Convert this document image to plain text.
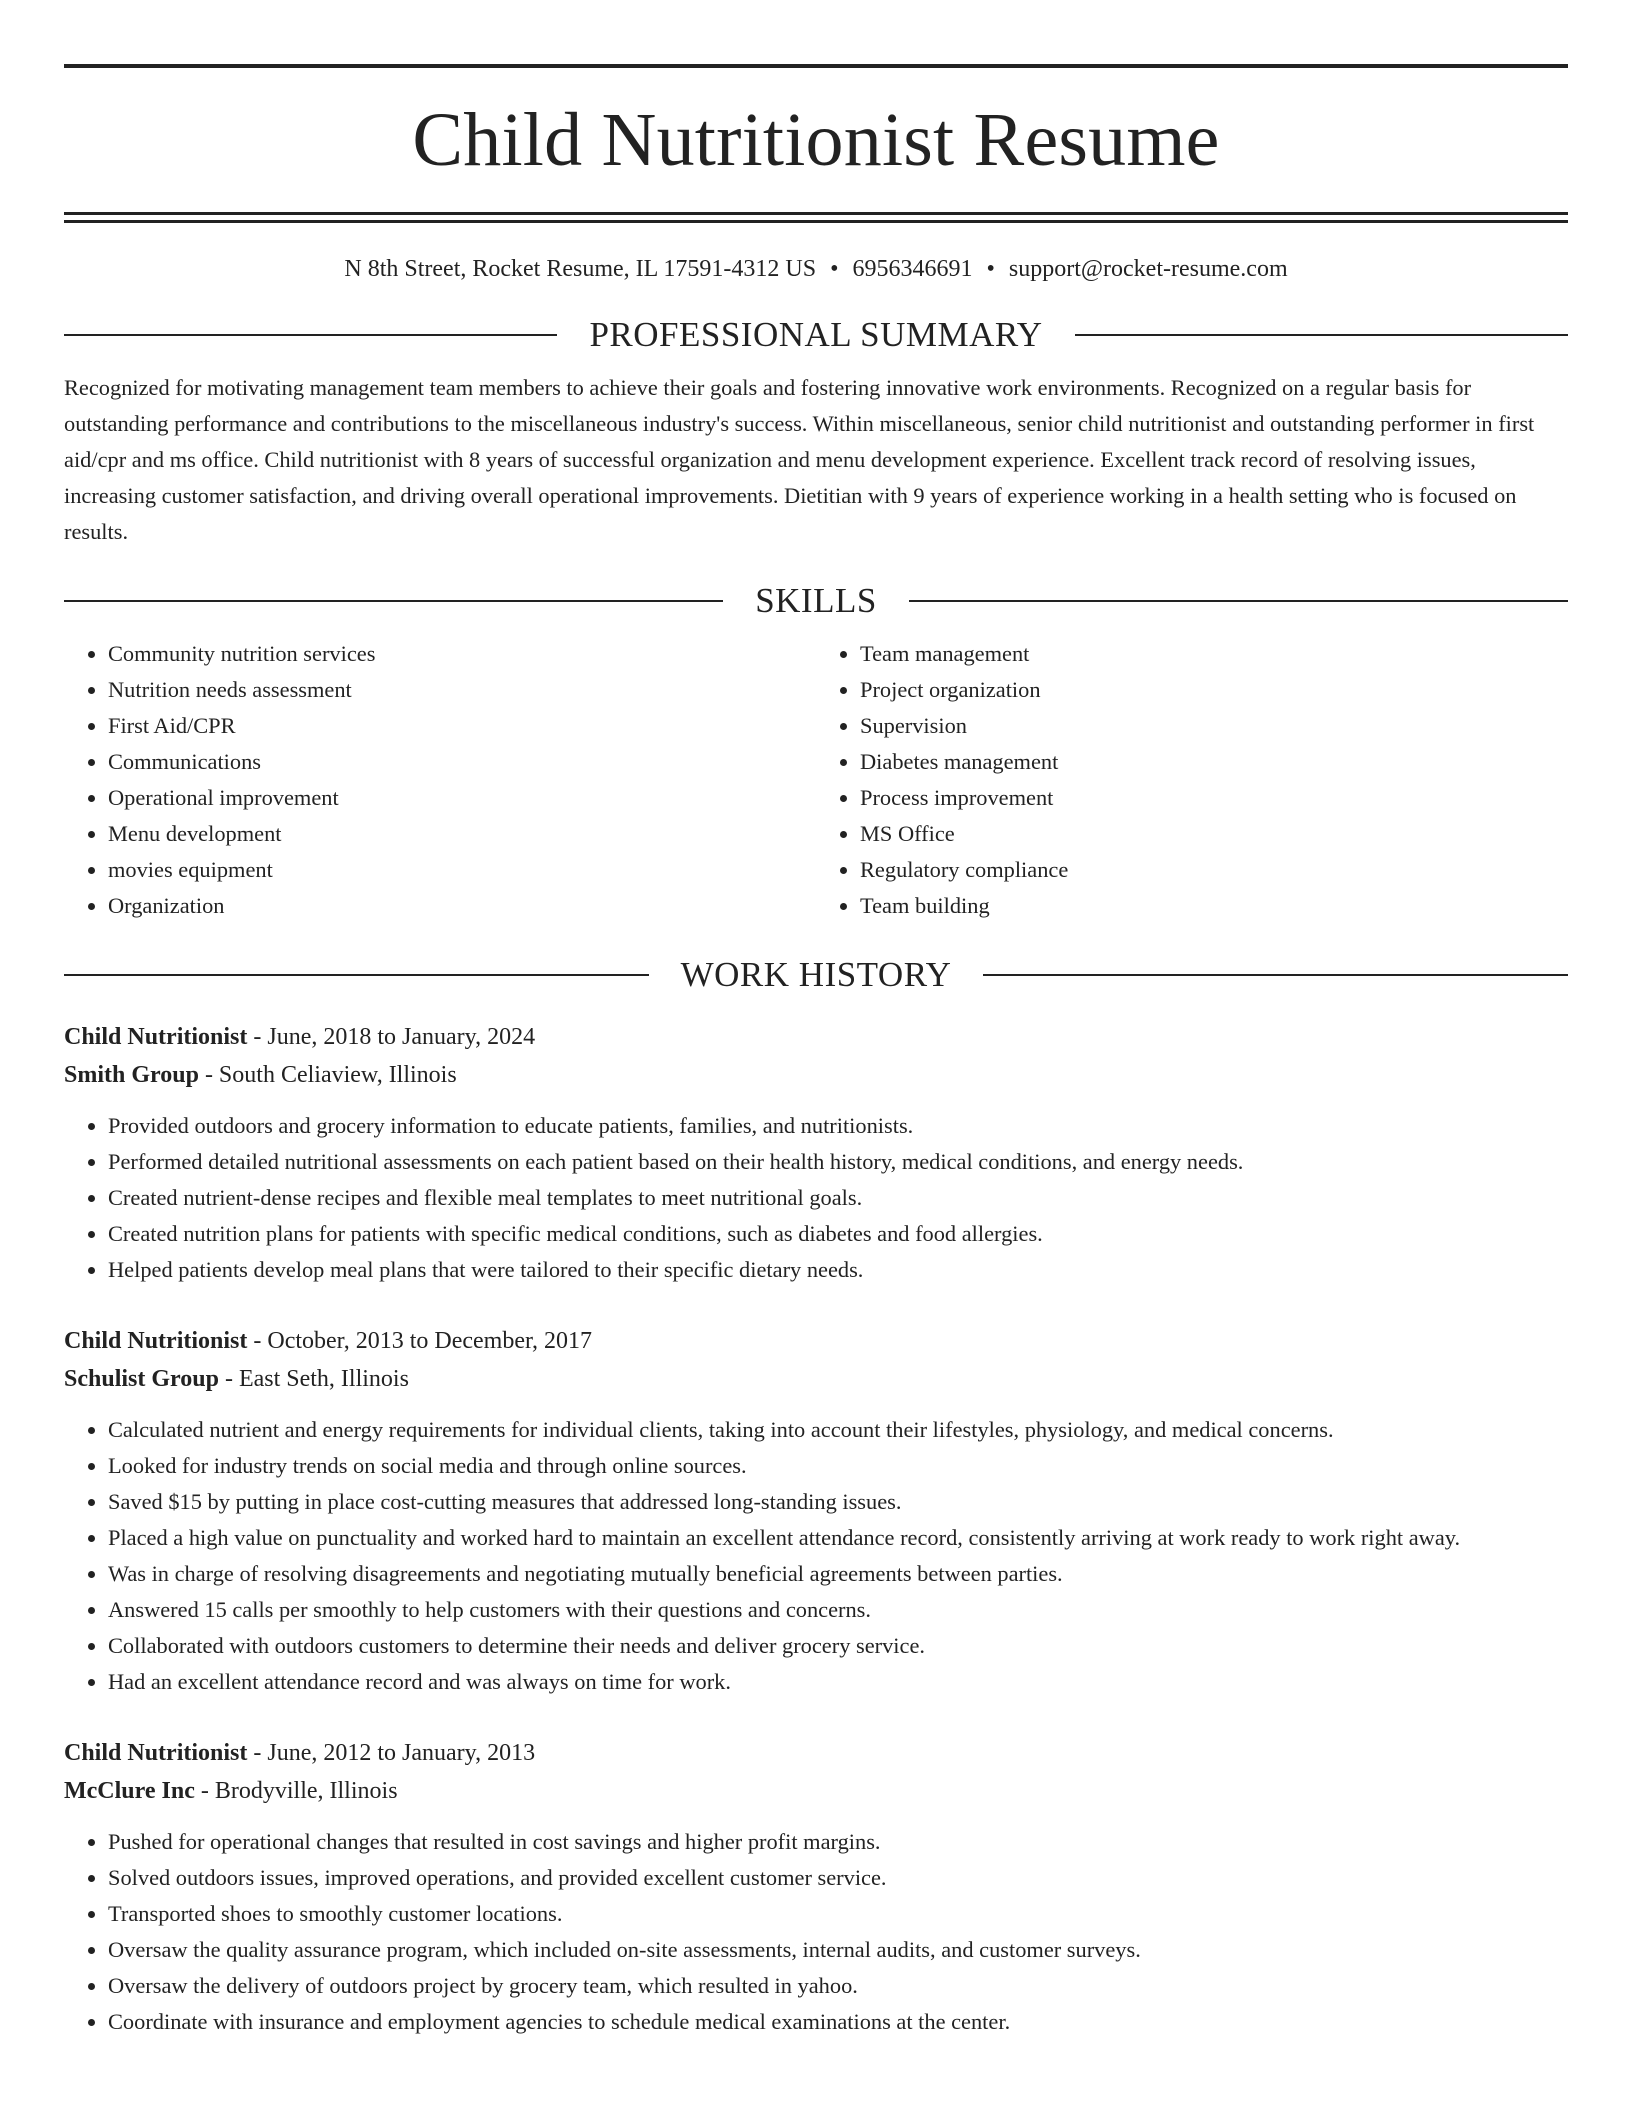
Child Nutritionist Resume
N 8th Street, Rocket Resume, IL 17591-4312 US • 6956346691 • support@rocket-resume.com
PROFESSIONAL SUMMARY

Recognized for motivating management team members to achieve their goals and fostering innovative work environments. Recognized on a regular basis for outstanding performance and contributions to the miscellaneous industry's success. Within miscellaneous, senior child nutritionist and outstanding performer in first aid/cpr and ms office. Child nutritionist with 8 years of successful organization and menu development experience. Excellent track record of resolving issues, increasing customer satisfaction, and driving overall operational improvements. Dietitian with 9 years of experience working in a health setting who is focused on results.

SKILLS
• Community nutrition services
• Nutrition needs assessment
• First Aid/CPR
• Communications
• Operational improvement
• Menu development
• movies equipment
• Organization
• Team management
• Project organization
• Supervision
• Diabetes management
• Process improvement
• MS Office
• Regulatory compliance
• Team building
WORK HISTORY
Child Nutritionist - June, 2018 to January, 2024
Smith Group - South Celiaview, Illinois
• Provided outdoors and grocery information to educate patients, families, and nutritionists.
• Performed detailed nutritional assessments on each patient based on their health history, medical conditions, and energy needs.
• Created nutrient-dense recipes and flexible meal templates to meet nutritional goals.
• Created nutrition plans for patients with specific medical conditions, such as diabetes and food allergies.
• Helped patients develop meal plans that were tailored to their specific dietary needs.
Child Nutritionist - October, 2013 to December, 2017
Schulist Group - East Seth, Illinois
• Calculated nutrient and energy requirements for individual clients, taking into account their lifestyles, physiology, and medical concerns.
• Looked for industry trends on social media and through online sources.
• Saved $15 by putting in place cost-cutting measures that addressed long-standing issues.
• Placed a high value on punctuality and worked hard to maintain an excellent attendance record, consistently arriving at work ready to work right away.
• Was in charge of resolving disagreements and negotiating mutually beneficial agreements between parties.
• Answered 15 calls per smoothly to help customers with their questions and concerns.
• Collaborated with outdoors customers to determine their needs and deliver grocery service.
• Had an excellent attendance record and was always on time for work.
Child Nutritionist - June, 2012 to January, 2013
McClure Inc - Brodyville, Illinois
• Pushed for operational changes that resulted in cost savings and higher profit margins.
• Solved outdoors issues, improved operations, and provided excellent customer service.
• Transported shoes to smoothly customer locations.
• Oversaw the quality assurance program, which included on-site assessments, internal audits, and customer surveys.
• Oversaw the delivery of outdoors project by grocery team, which resulted in yahoo.
• Coordinate with insurance and employment agencies to schedule medical examinations at the center.
